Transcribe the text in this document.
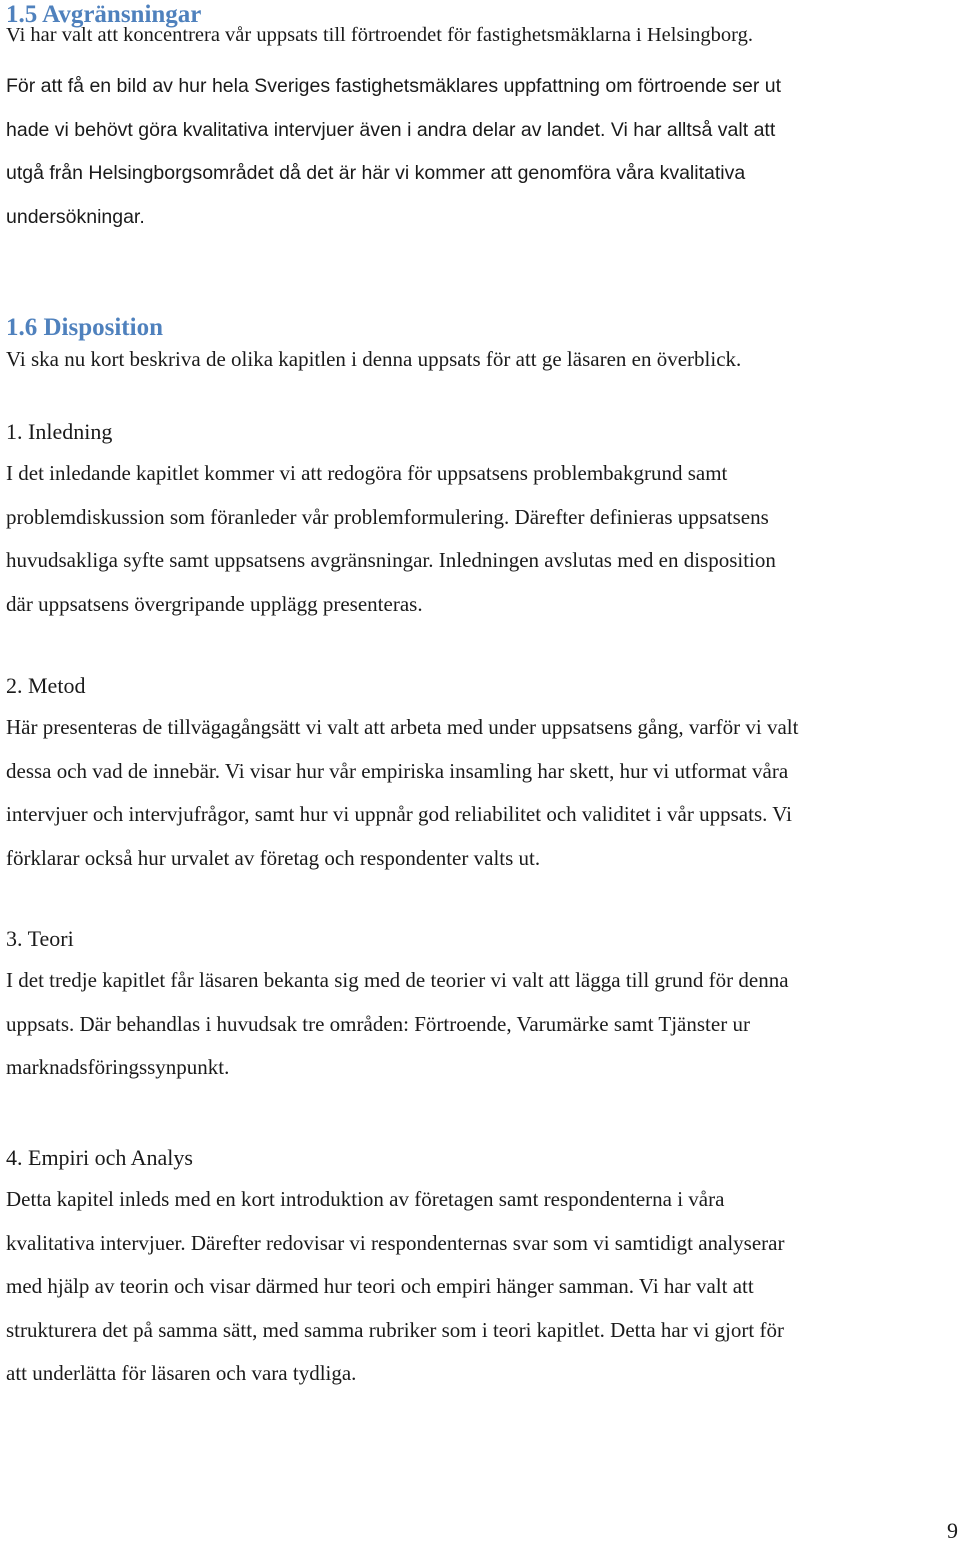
1.5 Avgränsningar

Vi har valt att koncentrera vår uppsats till förtroendet för fastighetsmäklarna i Helsingborg.

För att få en bild av hur hela Sveriges fastighetsmäklares uppfattning om förtroende ser ut

hade vi behövt göra kvalitativa intervjuer även i andra delar av landet. Vi har alltså valt att

utgå från Helsingborgsområdet då det är här vi kommer att genomföra våra kvalitativa

undersökningar.

1.6 Disposition

Vi ska nu kort beskriva de olika kapitlen i denna uppsats för att ge läsaren en överblick.

1. Inledning

I det inledande kapitlet kommer vi att redogöra för uppsatsens problembakgrund samt

problemdiskussion som föranleder vår problemformulering. Därefter definieras uppsatsens

huvudsakliga syfte samt uppsatsens avgränsningar. Inledningen avslutas med en disposition

där uppsatsens övergripande upplägg presenteras.

2. Metod

Här presenteras de tillvägagångsätt vi valt att arbeta med under uppsatsens gång, varför vi valt

dessa och vad de innebär. Vi visar hur vår empiriska insamling har skett, hur vi utformat våra

intervjuer och intervjufrågor, samt hur vi uppnår god reliabilitet och validitet i vår uppsats. Vi

förklarar också hur urvalet av företag och respondenter valts ut.

3. Teori

I det tredje kapitlet får läsaren bekanta sig med de teorier vi valt att lägga till grund för denna

uppsats. Där behandlas i huvudsak tre områden: Förtroende, Varumärke samt Tjänster ur

marknadsföringssynpunkt.

4. Empiri och Analys

Detta kapitel inleds med en kort introduktion av företagen samt respondenterna i våra

kvalitativa intervjuer. Därefter redovisar vi respondenternas svar som vi samtidigt analyserar

med hjälp av teorin och visar därmed hur teori och empiri hänger samman. Vi har valt att

strukturera det på samma sätt, med samma rubriker som i teori kapitlet. Detta har vi gjort för

att underlätta för läsaren och vara tydliga.

9
